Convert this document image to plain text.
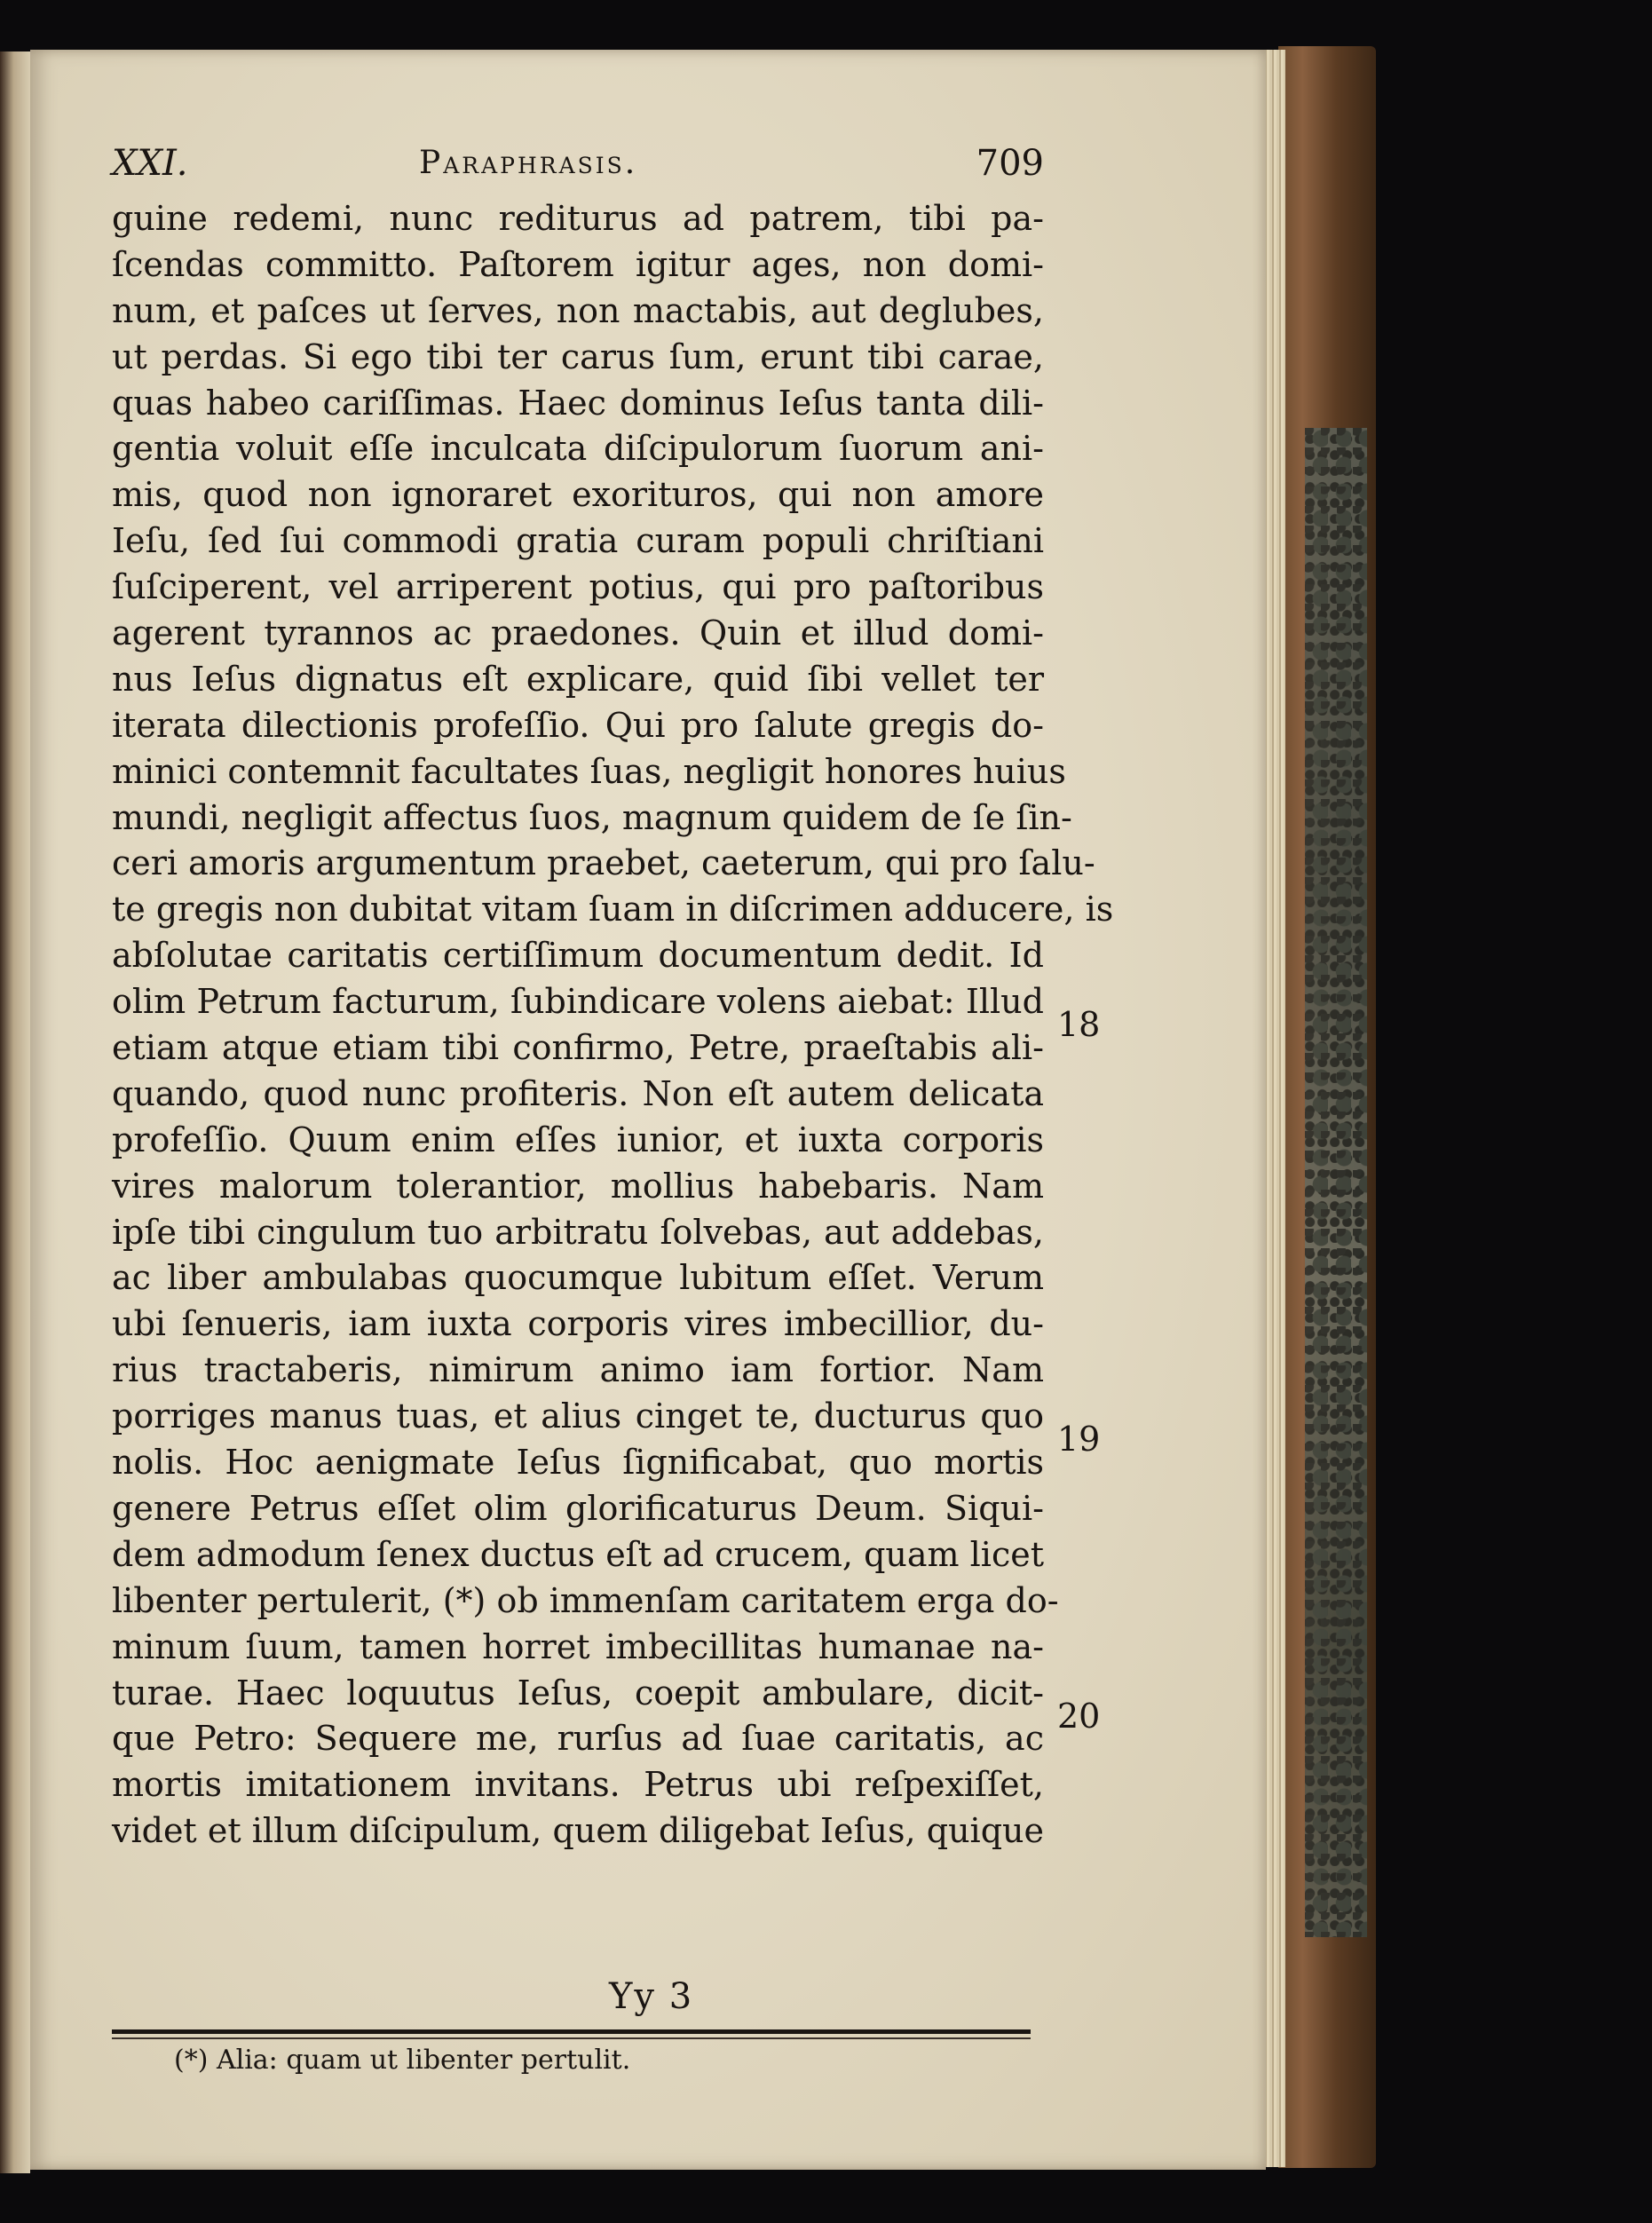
XXI.	Paraphrasis.	709
guine redemi, nunc rediturus ad patrem, tibi pa-
ſcendas committo. Paſtorem igitur ages, non domi-
num, et paſces ut ſerves, non mactabis, aut deglubes,
ut perdas. Si ego tibi ter carus ſum, erunt tibi carae,
quas habeo cariſſimas. Haec dominus Ieſus tanta dili-
gentia voluit eſſe inculcata diſcipulorum ſuorum ani-
mis, quod non ignoraret exorituros, qui non amore
Ieſu, ſed ſui commodi gratia curam populi chriſtiani
ſuſciperent, vel arriperent potius, qui pro paſtoribus
agerent tyrannos ac praedones. Quin et illud domi-
nus Ieſus dignatus eſt explicare, quid ſibi vellet ter
iterata dilectionis profeſſio. Qui pro ſalute gregis do-
minici contemnit facultates ſuas, negligit honores huius
mundi, negligit affectus ſuos, magnum quidem de ſe ſin-
ceri amoris argumentum praebet, caeterum, qui pro ſalu-
te gregis non dubitat vitam ſuam in diſcrimen adducere, is
abſolutae caritatis certiſſimum documentum dedit. Id
olim Petrum facturum, ſubindicare volens aiebat: Illud
etiam atque etiam tibi confirmo, Petre, praeſtabis ali-
quando, quod nunc profiteris. Non eſt autem delicata
profeſſio. Quum enim eſſes iunior, et iuxta corporis
vires malorum tolerantior, mollius habebaris. Nam
ipſe tibi cingulum tuo arbitratu ſolvebas, aut addebas,
ac liber ambulabas quocumque lubitum eſſet. Verum
ubi ſenueris, iam iuxta corporis vires imbecillior, du-
rius tractaberis, nimirum animo iam fortior. Nam
porriges manus tuas, et alius cinget te, ducturus quo
nolis. Hoc aenigmate Ieſus ſignificabat, quo mortis
genere Petrus eſſet olim glorificaturus Deum. Siqui-
dem admodum ſenex ductus eſt ad crucem, quam licet
libenter pertulerit, (*) ob immenſam caritatem erga do-
minum ſuum, tamen horret imbecillitas humanae na-
turae. Haec loquutus Ieſus, coepit ambulare, dicit-
que Petro: Sequere me, rurſus ad ſuae caritatis, ac
mortis imitationem invitans. Petrus ubi reſpexiſſet,
videt et illum diſcipulum, quem diligebat Ieſus, quique
18
19
20
Yy 3
(*) Alia: quam ut libenter pertulit.
